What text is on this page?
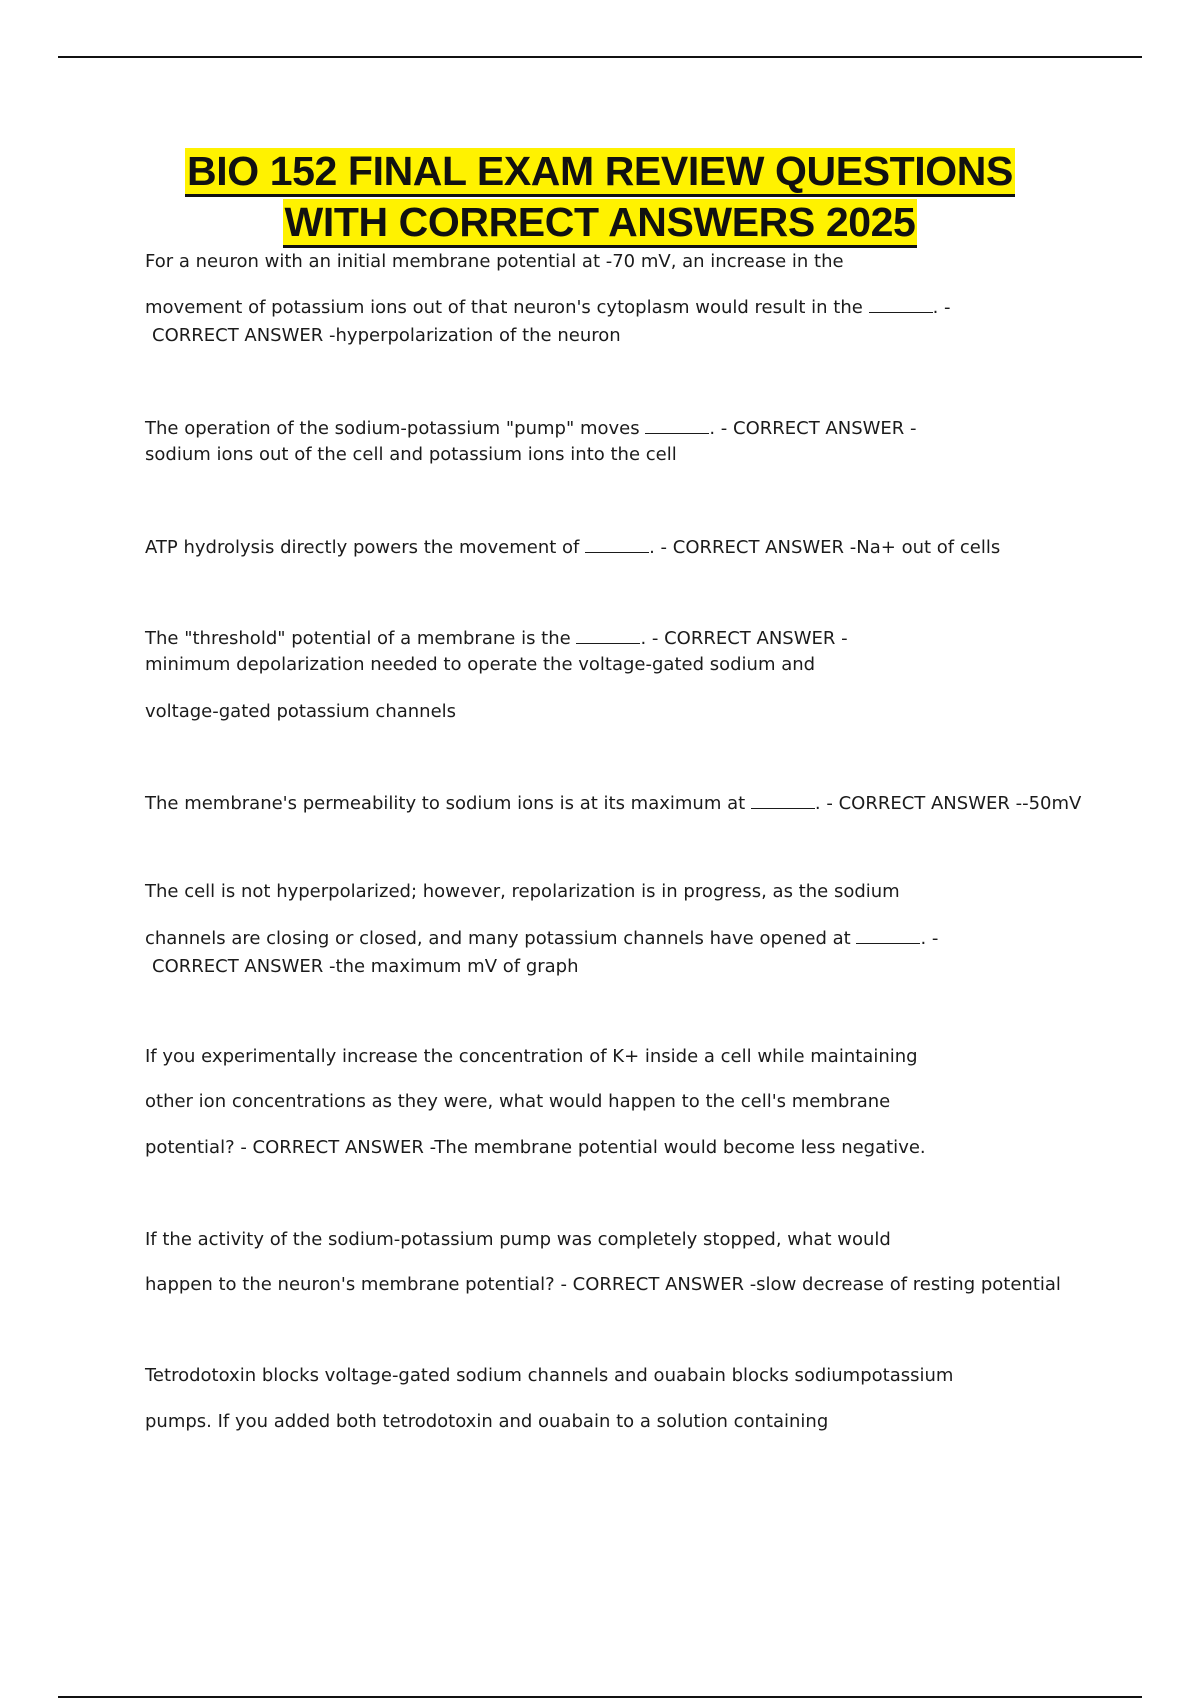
BIO 152 FINAL EXAM REVIEW QUESTIONS
WITH CORRECT ANSWERS 2025
For a neuron with an initial membrane potential at -70 mV, an increase in the
movement of potassium ions out of that neuron's cytoplasm would result in the	. -
CORRECT ANSWER -hyperpolarization of the neuron
The operation of the sodium-potassium "pump" moves	. - CORRECT ANSWER -
sodium ions out of the cell and potassium ions into the cell
ATP hydrolysis directly powers the movement of	. - CORRECT ANSWER -Na+ out of cells
The "threshold" potential of a membrane is the	. - CORRECT ANSWER -
minimum depolarization needed to operate the voltage-gated sodium and
voltage-gated potassium channels
The membrane's permeability to sodium ions is at its maximum at	. - CORRECT ANSWER --50mV
The cell is not hyperpolarized; however, repolarization is in progress, as the sodium
channels are closing or closed, and many potassium channels have opened at	. -
CORRECT ANSWER -the maximum mV of graph
If you experimentally increase the concentration of K+ inside a cell while maintaining
other ion concentrations as they were, what would happen to the cell's membrane
potential? - CORRECT ANSWER -The membrane potential would become less negative.
If the activity of the sodium-potassium pump was completely stopped, what would
happen to the neuron's membrane potential? - CORRECT ANSWER -slow decrease of resting potential
Tetrodotoxin blocks voltage-gated sodium channels and ouabain blocks sodiumpotassium
pumps. If you added both tetrodotoxin and ouabain to a solution containing
